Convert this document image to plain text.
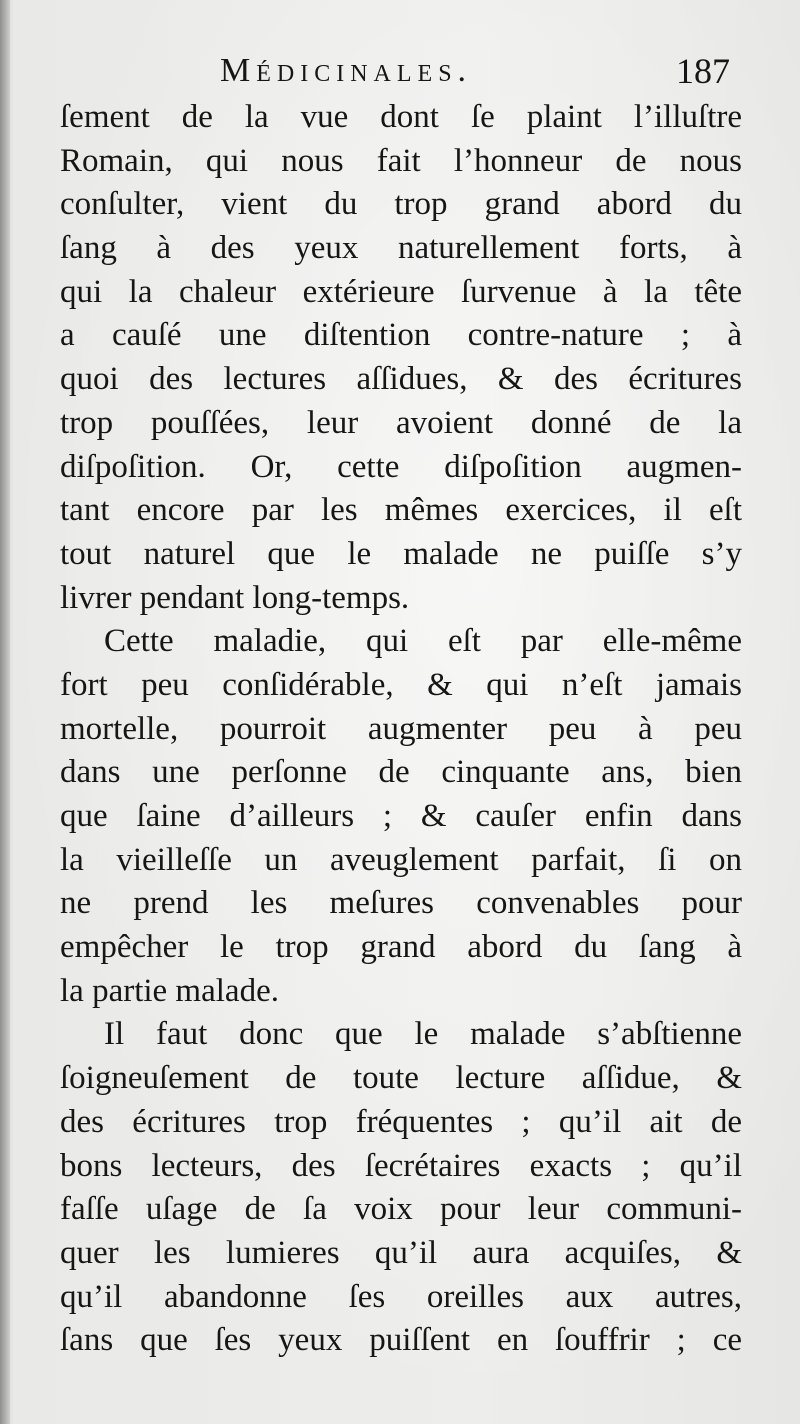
Médicinales.	187
ſement de la vue dont ſe plaint l’illuſtre
Romain, qui nous fait l’honneur de nous
conſulter, vient du trop grand abord du
ſang à des yeux naturellement forts, à
qui la chaleur extérieure ſurvenue à la tête
a cauſé une diſtention contre-nature ; à
quoi des lectures aſſidues, & des écritures
trop pouſſées, leur avoient donné de la
diſpoſition. Or, cette diſpoſition augmen-
tant encore par les mêmes exercices, il eſt
tout naturel que le malade ne puiſſe s’y
livrer pendant long-temps.
Cette maladie, qui eſt par elle-même
fort peu conſidérable, & qui n’eſt jamais
mortelle, pourroit augmenter peu à peu
dans une perſonne de cinquante ans, bien
que ſaine d’ailleurs ; & cauſer enfin dans
la vieilleſſe un aveuglement parfait, ſi on
ne prend les meſures convenables pour
empêcher le trop grand abord du ſang à
la partie malade.
Il faut donc que le malade s’abſtienne
ſoigneuſement de toute lecture aſſidue, &
des écritures trop fréquentes ; qu’il ait de
bons lecteurs, des ſecrétaires exacts ; qu’il
faſſe uſage de ſa voix pour leur communi-
quer les lumieres qu’il aura acquiſes, &
qu’il abandonne ſes oreilles aux autres,
ſans que ſes yeux puiſſent en ſouffrir ; ce
